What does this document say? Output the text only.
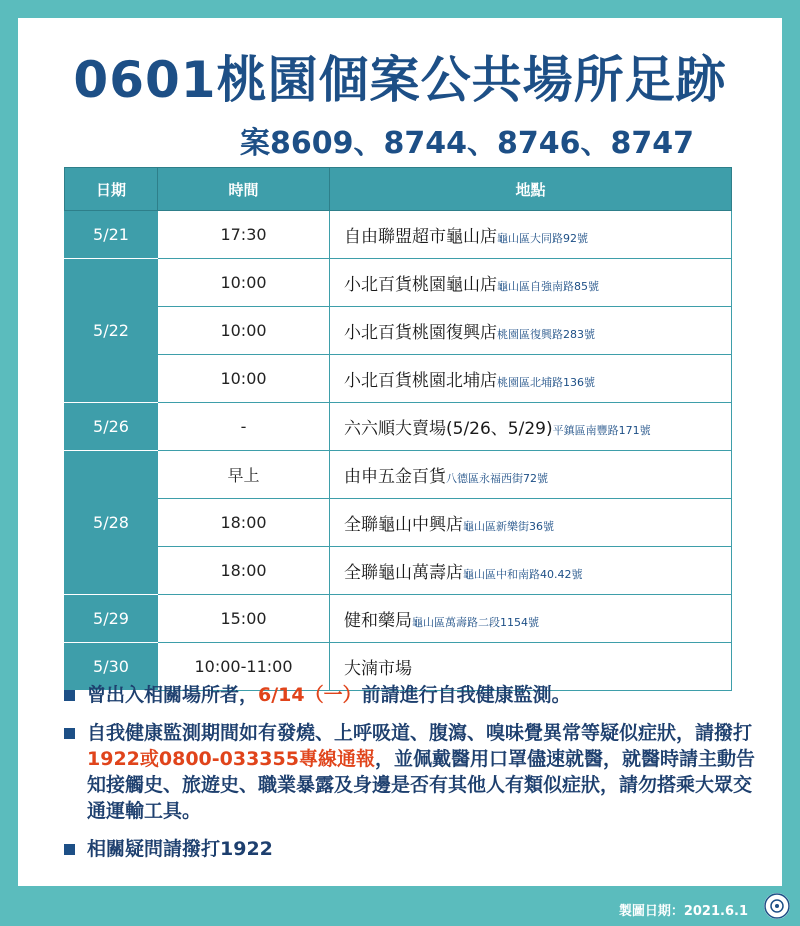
0601桃園個案公共場所足跡
案8609、8744、8746、8747
日期	時間	地點
5/21	17:30	自由聯盟超市龜山店龜山區大同路92號
5/22	10:00	小北百貨桃園龜山店龜山區自強南路85號
	10:00	小北百貨桃園復興店桃園區復興路283號
	10:00	小北百貨桃園北埔店桃園區北埔路136號
5/26	-	六六順大賣場(5/26、5/29)平鎮區南豐路171號
5/28	早上	由申五金百貨八德區永福西街72號
	18:00	全聯龜山中興店龜山區新樂街36號
	18:00	全聯龜山萬壽店龜山區中和南路40.42號
5/29	15:00	健和藥局龜山區萬壽路二段1154號
5/30	10:00-11:00	大湳市場
曾出入相關場所者，6/14（一）前請進行自我健康監測。
自我健康監測期間如有發燒、上呼吸道、腹瀉、嗅味覺異常等疑似症狀，請撥打1922或0800-033355專線通報，並佩戴醫用口罩儘速就醫，就醫時請主動告知接觸史、旅遊史、職業暴露及身邊是否有其他人有類似症狀，請勿搭乘大眾交通運輸工具。
相關疑問請撥打1922
製圖日期：2021.6.1
